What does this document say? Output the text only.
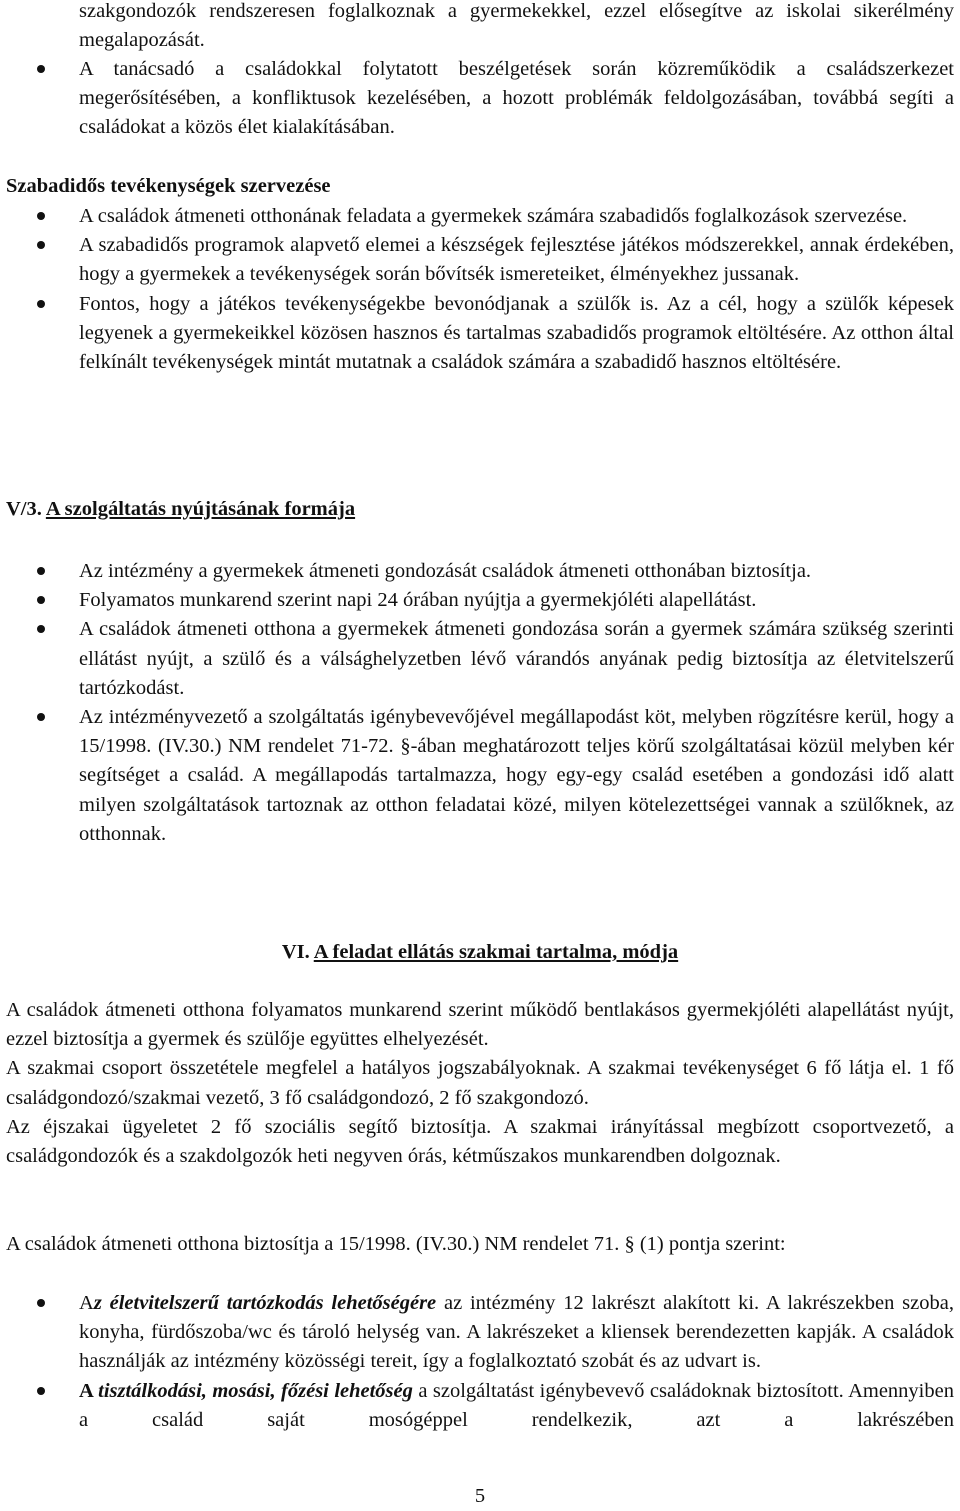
szakgondozók rendszeresen foglalkoznak a gyermekekkel, ezzel elősegítve az iskolai sikerélmény megalapozását.

A tanácsadó a családokkal folytatott beszélgetések során közreműködik a családszerkezet megerősítésében, a konfliktusok kezelésében, a hozott problémák feldolgozásában, továbbá segíti a családokat a közös élet kialakításában.

Szabadidős tevékenységek szervezése

A családok átmeneti otthonának feladata a gyermekek számára szabadidős foglalkozások szervezése.
A szabadidős programok alapvető elemei a készségek fejlesztése játékos módszerekkel, annak érdekében, hogy a gyermekek a tevékenységek során bővítsék ismereteiket, élményekhez jussanak.
Fontos, hogy a játékos tevékenységekbe bevonódjanak a szülők is. Az a cél, hogy a szülők képesek legyenek a gyermekeikkel közösen hasznos és tartalmas szabadidős programok eltöltésére. Az otthon által felkínált tevékenységek mintát mutatnak a családok számára a szabadidő hasznos eltöltésére.

V/3. A szolgáltatás nyújtásának formája

Az intézmény a gyermekek átmeneti gondozását családok átmeneti otthonában biztosítja.
Folyamatos munkarend szerint napi 24 órában nyújtja a gyermekjóléti alapellátást.
A családok átmeneti otthona a gyermekek átmeneti gondozása során a gyermek számára szükség szerinti ellátást nyújt, a szülő és a válsághelyzetben lévő várandós anyának pedig biztosítja az életvitelszerű tartózkodást.
Az intézményvezető a szolgáltatás igénybevevőjével megállapodást köt, melyben rögzítésre kerül, hogy a 15/1998. (IV.30.) NM rendelet 71-72. §-ában meghatározott teljes körű szolgáltatásai közül melyben kér segítséget a család. A megállapodás tartalmazza, hogy egy-egy család esetében a gondozási idő alatt milyen szolgáltatások tartoznak az otthon feladatai közé, milyen kötelezettségei vannak a szülőknek, az otthonnak.

VI. A feladat ellátás szakmai tartalma, módja

A családok átmeneti otthona folyamatos munkarend szerint működő bentlakásos gyermekjóléti alapellátást nyújt, ezzel biztosítja a gyermek és szülője együttes elhelyezését.

A szakmai csoport összetétele megfelel a hatályos jogszabályoknak. A szakmai tevékenységet 6 fő látja el. 1 fő családgondozó/szakmai vezető, 3 fő családgondozó, 2 fő szakgondozó.

Az éjszakai ügyeletet 2 fő szociális segítő biztosítja. A szakmai irányítással megbízott csoportvezető, a családgondozók és a szakdolgozók heti negyven órás, kétműszakos munkarendben dolgoznak.

A családok átmeneti otthona biztosítja a 15/1998. (IV.30.) NM rendelet 71. § (1) pontja szerint:

Az életvitelszerű tartózkodás lehetőségére az intézmény 12 lakrészt alakított ki. A lakrészekben szoba, konyha, fürdőszoba/wc és tároló helység van. A lakrészeket a kliensek berendezetten kapják. A családok használják az intézmény közösségi tereit, így a foglalkoztató szobát és az udvart is.
A tisztálkodási, mosási, főzési lehetőség a szolgáltatást igénybevevő családoknak biztosított. Amennyiben a család saját mosógéppel rendelkezik, azt a lakrészében

5
